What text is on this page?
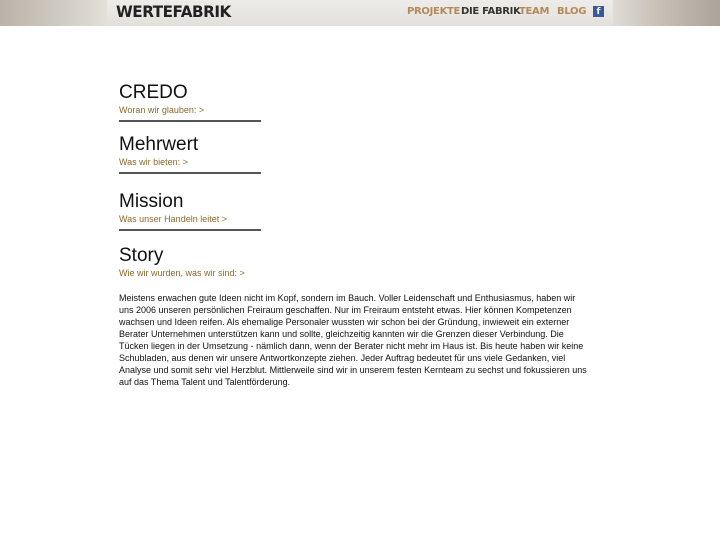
WERTEFABRIK	PROJEKTE DIE FABRIK
TEAM BLOG	f
CREDO
Woran wir glauben: >
Mehrwert
Was wir bieten: >
Mission
Was unser Handeln leitet >
Story
Wie wir wurden, was wir sind: >
Meistens erwachen gute Ideen nicht im Kopf, sondern im Bauch. Voller Leidenschaft und Enthusiasmus, haben wir uns 2006 unseren persönlichen Freiraum geschaffen. Nur im Freiraum entsteht etwas. Hier können Kompetenzen wachsen und Ideen reifen. Als ehemalige Personaler wussten wir schon bei der Gründung, inwieweit ein externer Berater Unternehmen unterstützen kann und sollte, gleichzeitig kannten wir die Grenzen dieser Verbindung. Die Tücken liegen in der Umsetzung - nämlich dann, wenn der Berater nicht mehr im Haus ist. Bis heute haben wir keine Schubladen, aus denen wir unsere Antwortkonzepte ziehen. Jeder Auftrag bedeutet für uns viele Gedanken, viel Analyse und somit sehr viel Herzblut. Mittlerweile sind wir in unserem festen Kernteam zu sechst und fokussieren uns auf das Thema Talent und Talentförderung.
